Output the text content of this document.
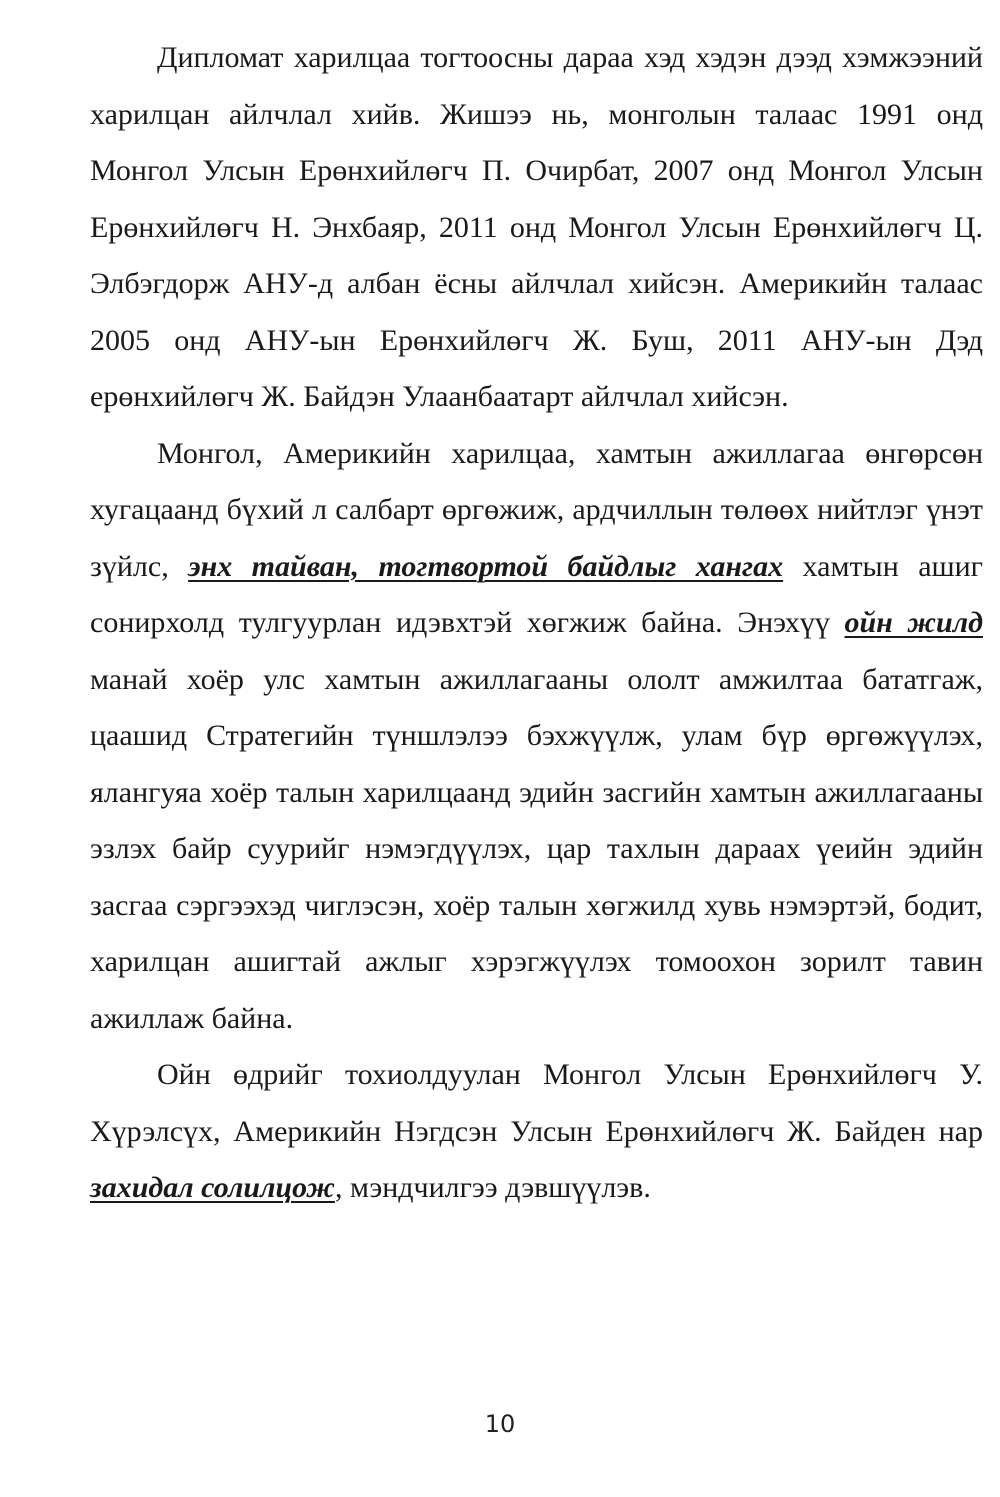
Дипломат харилцаа тогтоосны дараа хэд хэдэн дээд хэмжээний харилцан айлчлал хийв. Жишээ нь, монголын талаас 1991 онд Монгол Улсын Ерөнхийлөгч П. Очирбат, 2007 онд Монгол Улсын Ерөнхийлөгч Н. Энхбаяр, 2011 онд Монгол Улсын Ерөнхийлөгч Ц. Элбэгдорж АНУ-д албан ёсны айлчлал хийсэн. Америкийн талаас 2005 онд АНУ-ын Ерөнхийлөгч Ж. Буш, 2011 АНУ-ын Дэд ерөнхийлөгч Ж. Байдэн Улаанбаатарт айлчлал хийсэн.

Монгол, Америкийн харилцаа, хамтын ажиллагаа өнгөрсөн хугацаанд бүхий л салбарт өргөжиж, ардчиллын төлөөх нийтлэг үнэт зүйлс, энх тайван, тогтвортой байдлыг хангах хамтын ашиг сонирхолд тулгуурлан идэвхтэй хөгжиж байна. Энэхүү ойн жилд манай хоёр улс хамтын ажиллагааны ололт амжилтаа бататгаж, цаашид Стратегийн түншлэлээ бэхжүүлж, улам бүр өргөжүүлэх, ялангуяа хоёр талын харилцаанд эдийн засгийн хамтын ажиллагааны эзлэх байр суурийг нэмэгдүүлэх, цар тахлын дараах үеийн эдийн засгаа сэргээхэд чиглэсэн, хоёр талын хөгжилд хувь нэмэртэй, бодит, харилцан ашигтай ажлыг хэрэгжүүлэх томоохон зорилт тавин ажиллаж байна.

Ойн өдрийг тохиолдуулан Монгол Улсын Ерөнхийлөгч У. Хүрэлсүх, Америкийн Нэгдсэн Улсын Ерөнхийлөгч Ж. Байден нар захидал солилцож, мэндчилгээ дэвшүүлэв.

10
